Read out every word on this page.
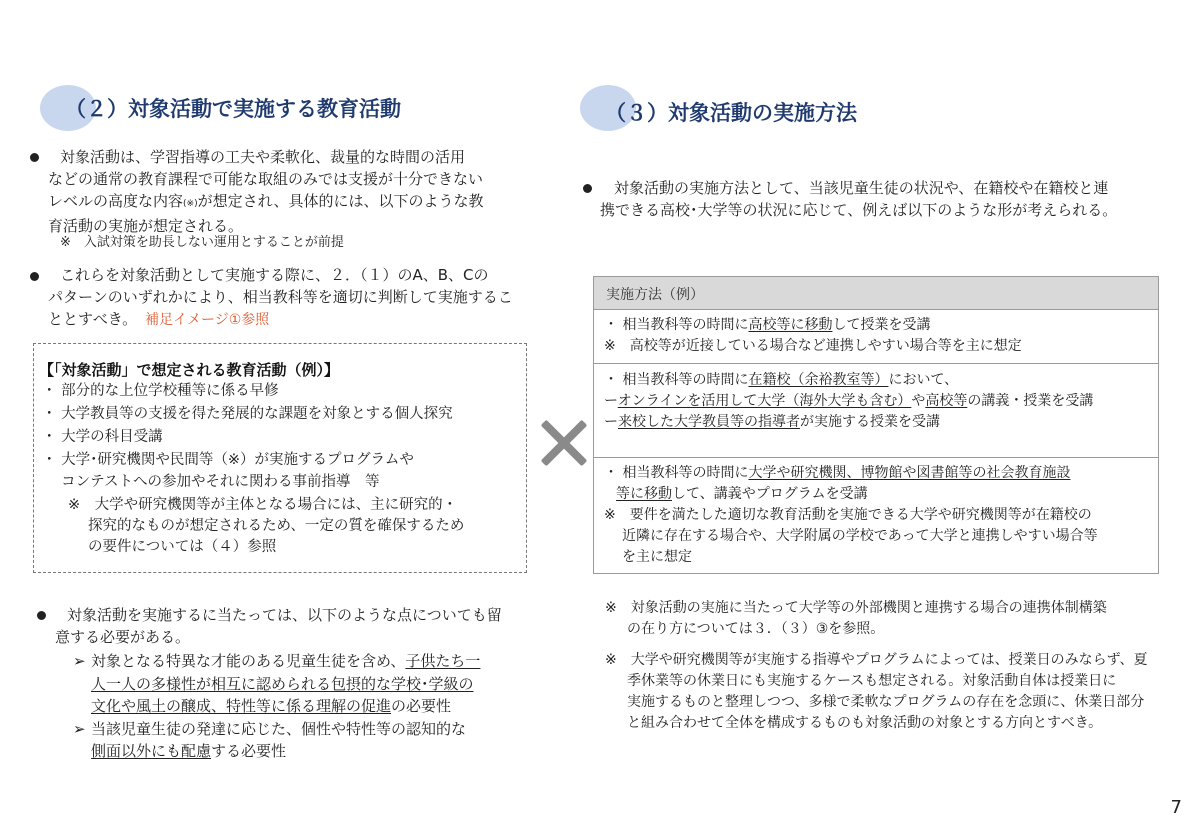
（２）対象活動で実施する教育活動	（３）対象活動の実施方法
対象活動は、学習指導の工夫や柔軟化、裁量的な時間の活用
などの通常の教育課程で可能な取組のみでは支援が十分できない
レベルの高度な内容(※)が想定され、具体的には、以下のような教
育活動の実施が想定される。
※　入試対策を助長しない運用とすることが前提
これらを対象活動として実施する際に、２．（１）のA、B、Cの
パターンのいずれかにより、相当教科等を適切に判断して実施するこ
ととすべき。 補足イメージ①参照
【「対象活動」で想定される教育活動（例）】
・ 部分的な上位学校種等に係る早修
・ 大学教員等の支援を得た発展的な課題を対象とする個人探究
・ 大学の科目受講
・ 大学･研究機関や民間等（※）が実施するプログラムや
　 コンテストへの参加やそれに関わる事前指導　等
※　大学や研究機関等が主体となる場合には、主に研究的・
探究的なものが想定されるため、一定の質を確保するため
の要件については（４）参照
対象活動を実施するに当たっては、以下のような点についても留
意する必要がある。
➢ 対象となる特異な才能のある児童生徒を含め、子供たち一
人一人の多様性が相互に認められる包摂的な学校･学級の
文化や風土の醸成、特性等に係る理解の促進の必要性
➢ 当該児童生徒の発達に応じた、個性や特性等の認知的な
側面以外にも配慮する必要性
対象活動の実施方法として、当該児童生徒の状況や、在籍校や在籍校と連
携できる高校･大学等の状況に応じて、例えば以下のような形が考えられる。
実施方法（例）
・ 相当教科等の時間に高校等に移動して授業を受講
※　高校等が近接している場合など連携しやすい場合等を主に想定
・ 相当教科等の時間に在籍校（余裕教室等）において、
ーオンラインを活用して大学（海外大学も含む）や高校等の講義・授業を受講
ー来校した大学教員等の指導者が実施する授業を受講
・ 相当教科等の時間に大学や研究機関、博物館や図書館等の社会教育施設
等に移動して、講義やプログラムを受講
※　要件を満たした適切な教育活動を実施できる大学や研究機関等が在籍校の
近隣に存在する場合や、大学附属の学校であって大学と連携しやすい場合等
を主に想定
※　対象活動の実施に当たって大学等の外部機関と連携する場合の連携体制構築
の在り方については３．（３）③を参照。
※　大学や研究機関等が実施する指導やプログラムによっては、授業日のみならず、夏
季休業等の休業日にも実施するケースも想定される。対象活動自体は授業日に
実施するものと整理しつつ、多様で柔軟なプログラムの存在を念頭に、休業日部分
と組み合わせて全体を構成するものも対象活動の対象とする方向とすべき。
7
